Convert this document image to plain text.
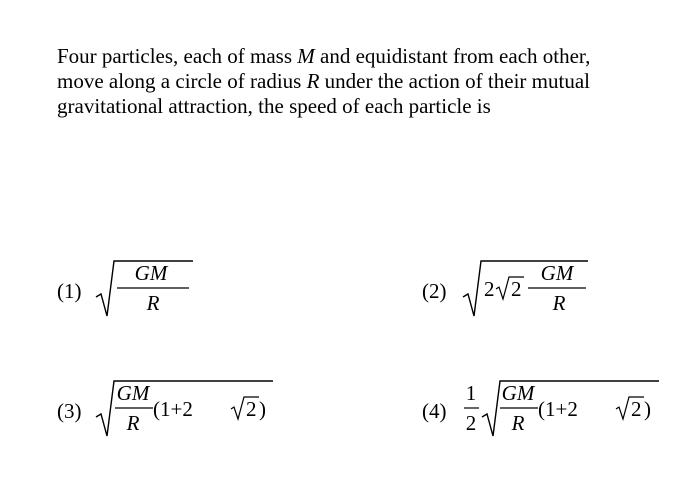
Four particles, each of mass M and equidistant from each other,
move along a circle of radius R under the action of their mutual
gravitational attraction, the speed of each particle is
(1)
GM
R	(2) 2 2
GM
R
(3)
GM
R
(1+2	2 )	(4)
1
2
GM
R
(1+2	2 )
